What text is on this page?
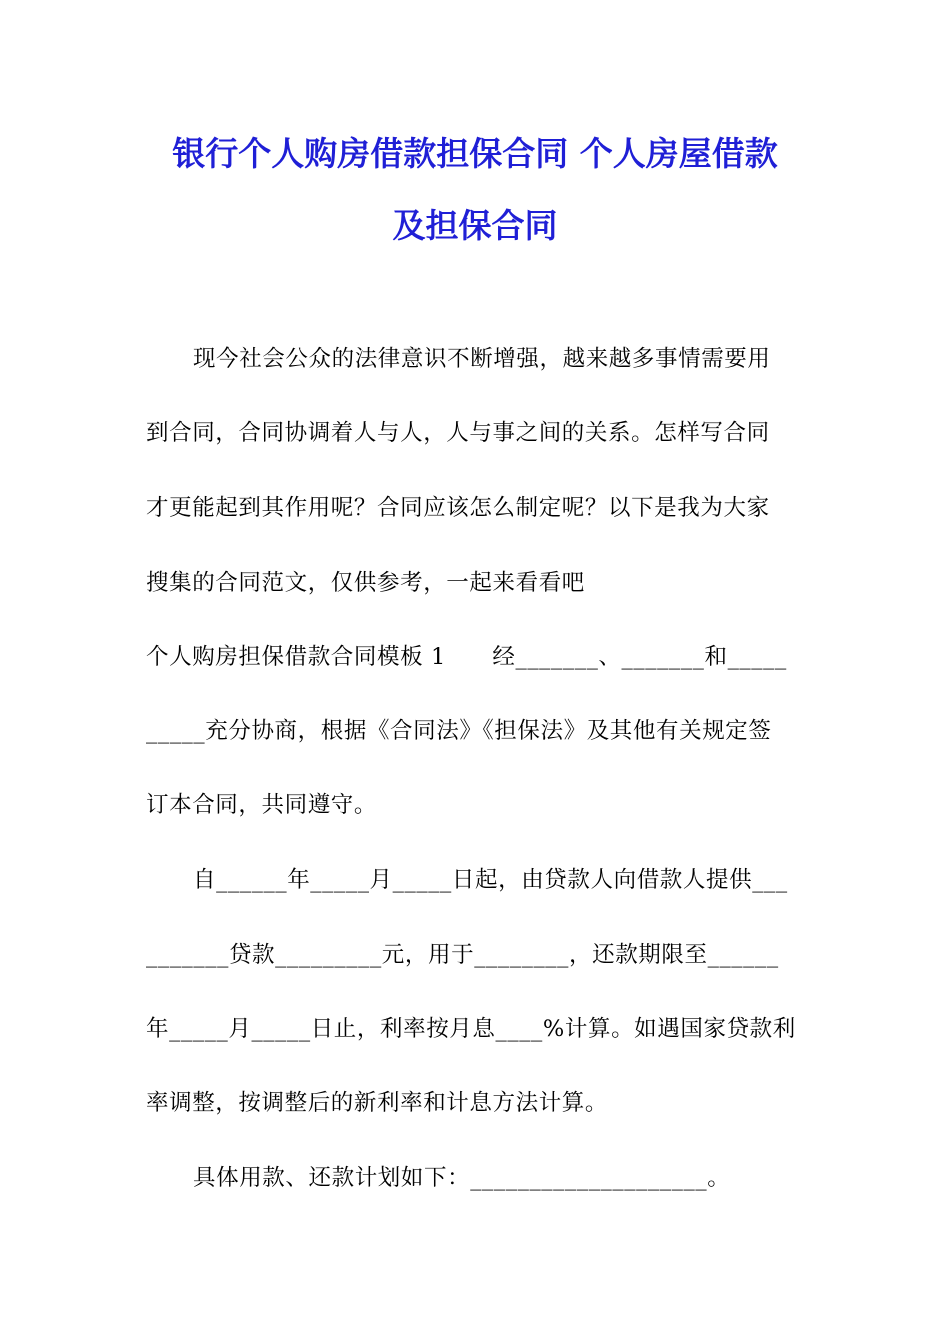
银行个人购房借款担保合同 个人房屋借款
及担保合同
现今社会公众的法律意识不断增强，越来越多事情需要用
到合同，合同协调着人与人，人与事之间的关系。怎样写合同
才更能起到其作用呢？合同应该怎么制定呢？以下是我为大家
搜集的合同范文，仅供参考，一起来看看吧
个人购房担保借款合同模板 1      经_______、_______和_____
_____充分协商，根据《合同法》《担保法》及其他有关规定签
订本合同，共同遵守。
自______年_____月_____日起，由贷款人向借款人提供___
_______贷款_________元，用于________，还款期限至______
年_____月_____日止，利率按月息____%计算。如遇国家贷款利
率调整，按调整后的新利率和计息方法计算。
具体用款、还款计划如下：____________________。
